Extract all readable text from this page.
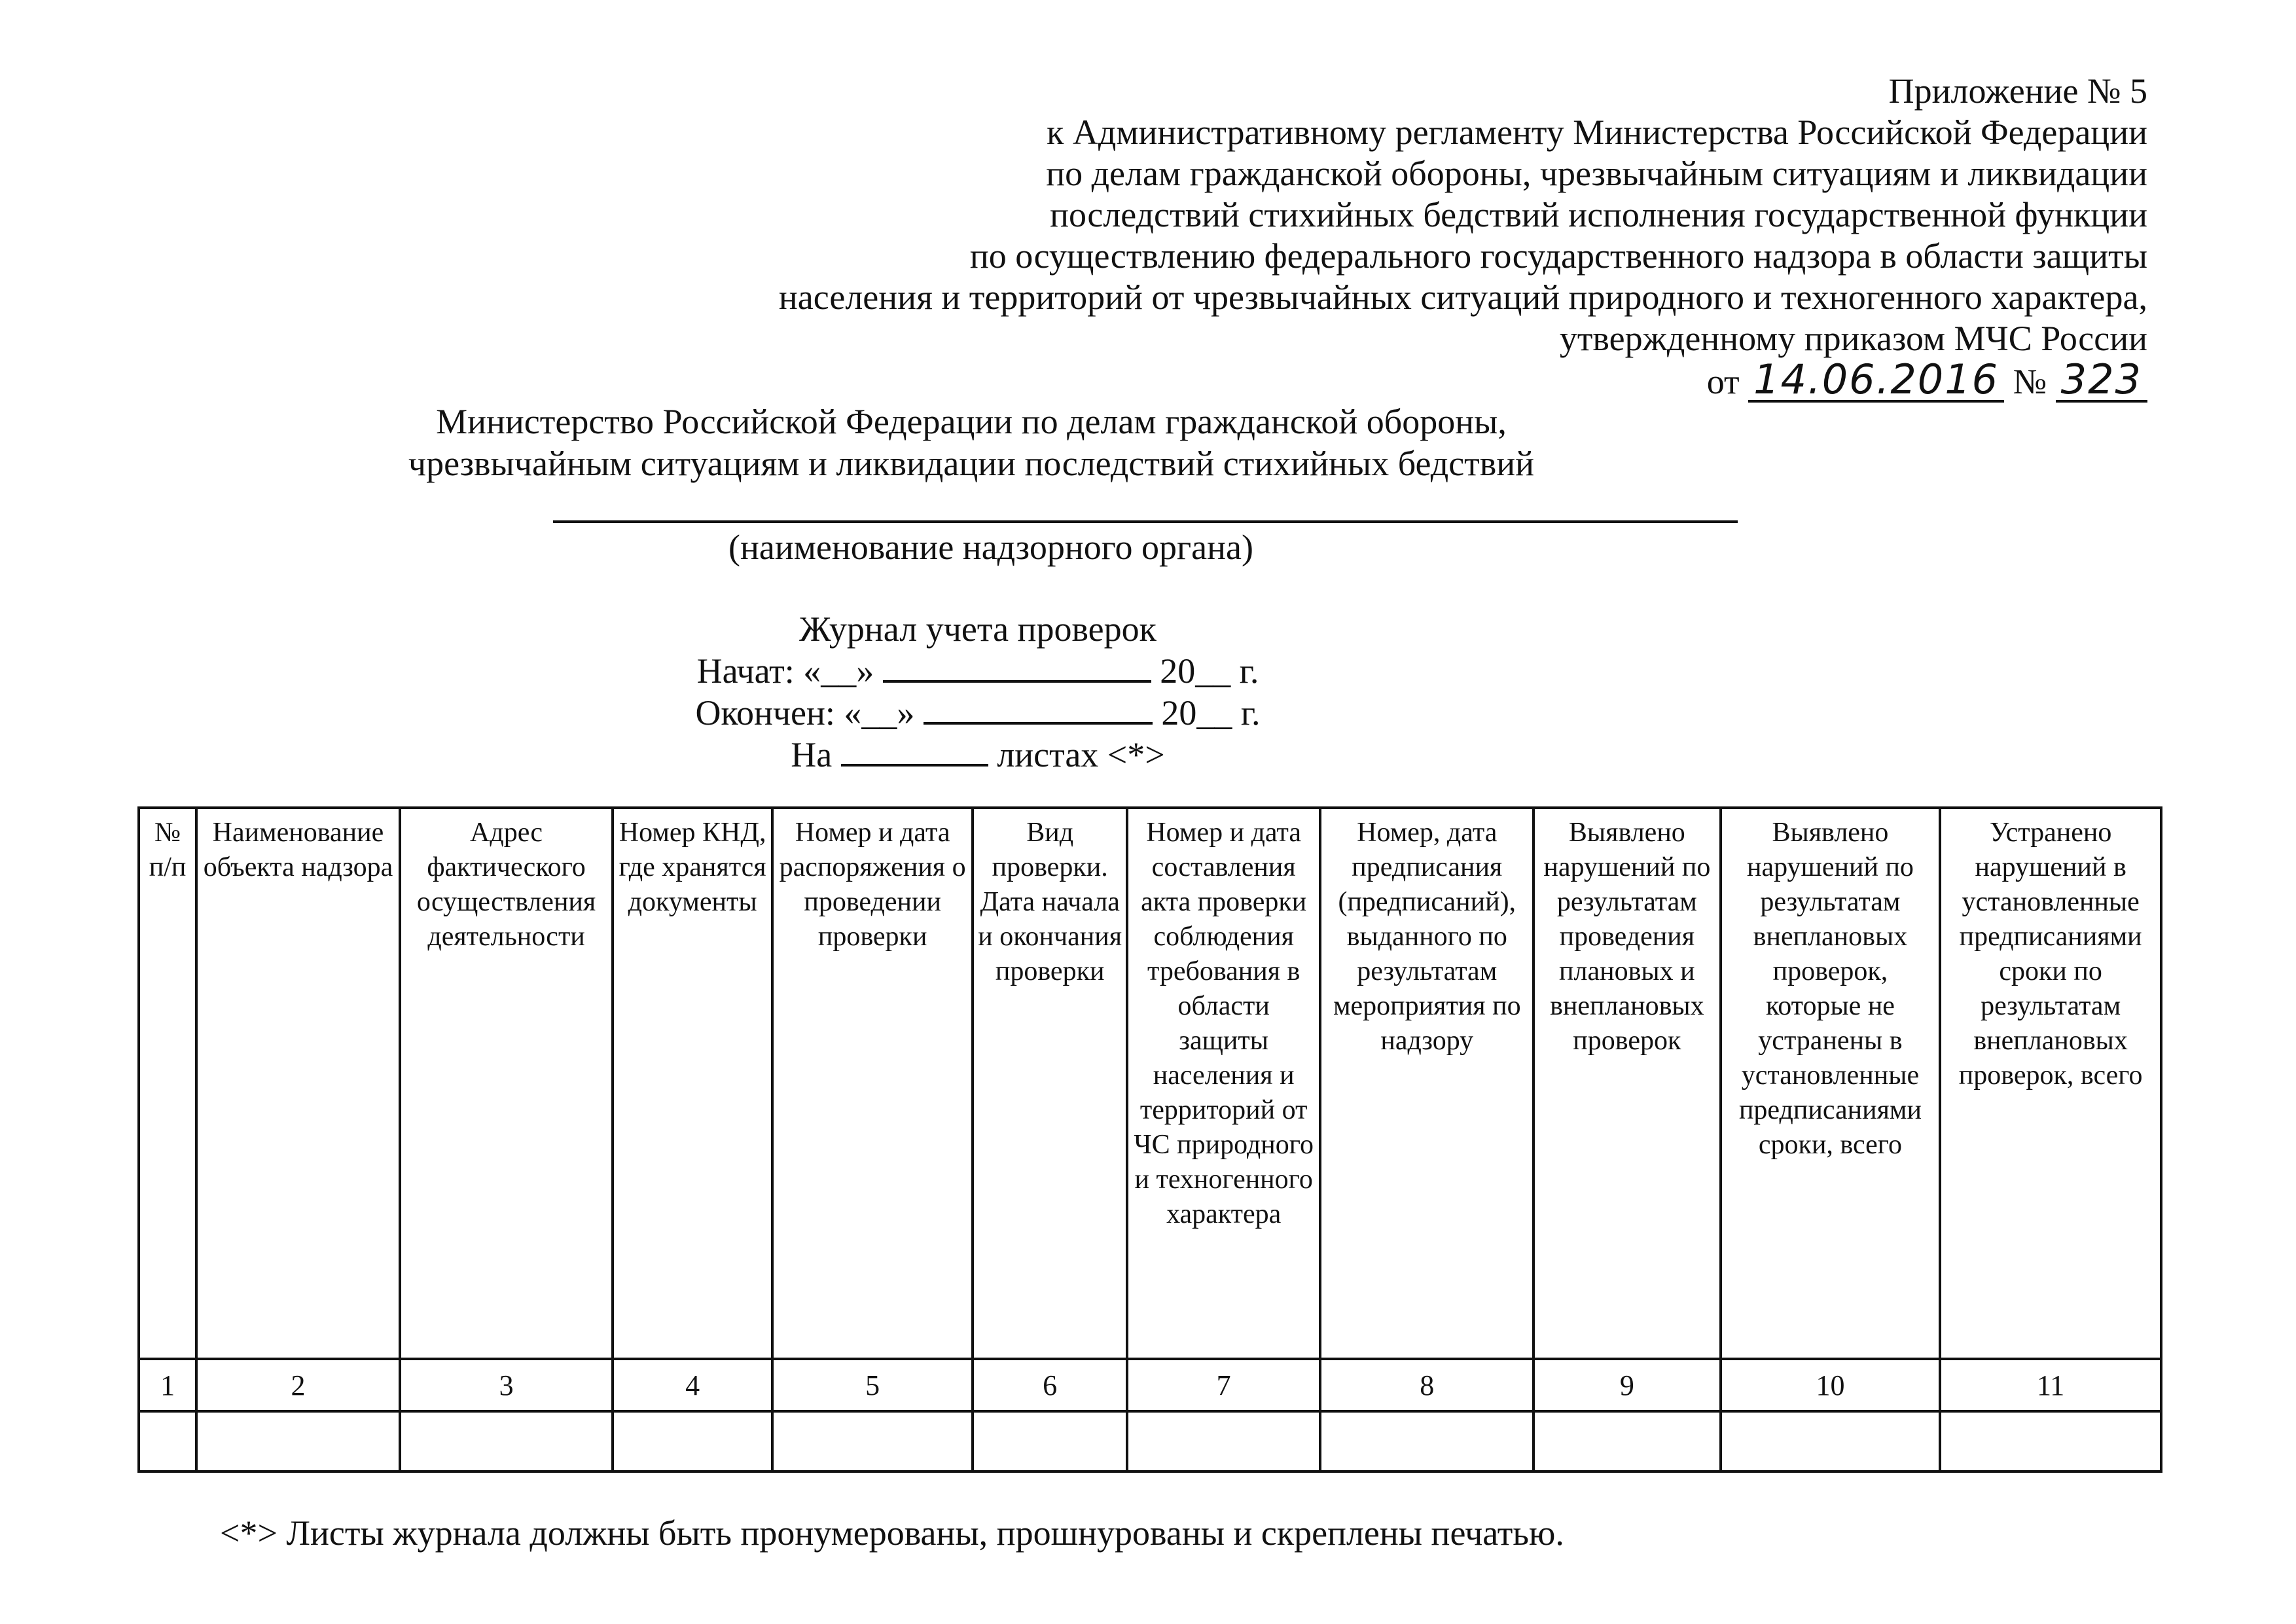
Приложение № 5
к Административному регламенту Министерства Российской Федерации
по делам гражданской обороны, чрезвычайным ситуациям и ликвидации
последствий стихийных бедствий исполнения государственной функции
по осуществлению федерального государственного надзора в области защиты
населения и территорий от чрезвычайных ситуаций природного и техногенного характера,
утвержденному приказом МЧС России
от 14.06.2016 № 323
Министерство Российской Федерации по делам гражданской обороны,
чрезвычайным ситуациям и ликвидации последствий стихийных бедствий
(наименование надзорного органа)
Журнал учета проверок
Начат: «__»	20__ г.
Окончен: «__»	20__ г.
На	листах <*>
№ п/п	Наименование объекта надзора	Адрес фактического осуществления деятельности	Номер КНД, где хранятся документы	Номер и дата распоряжения о проведении проверки	Вид проверки. Дата начала и окончания проверки	Номер и дата составления акта проверки соблюдения требования в области защиты населения и территорий от ЧС природного и техногенного характера	Номер, дата предписания (предписаний), выданного по результатам мероприятия по надзору	Выявлено нарушений по результатам проведения плановых и внеплановых проверок	Выявлено нарушений по результатам внеплановых проверок, которые не устранены в установленные предписаниями сроки, всего	Устранено нарушений в установленные предписаниями сроки по результатам внеплановых проверок, всего
1	2	3	4	5	6	7	8	9	10	11

<*> Листы журнала должны быть пронумерованы, прошнурованы и скреплены печатью.
